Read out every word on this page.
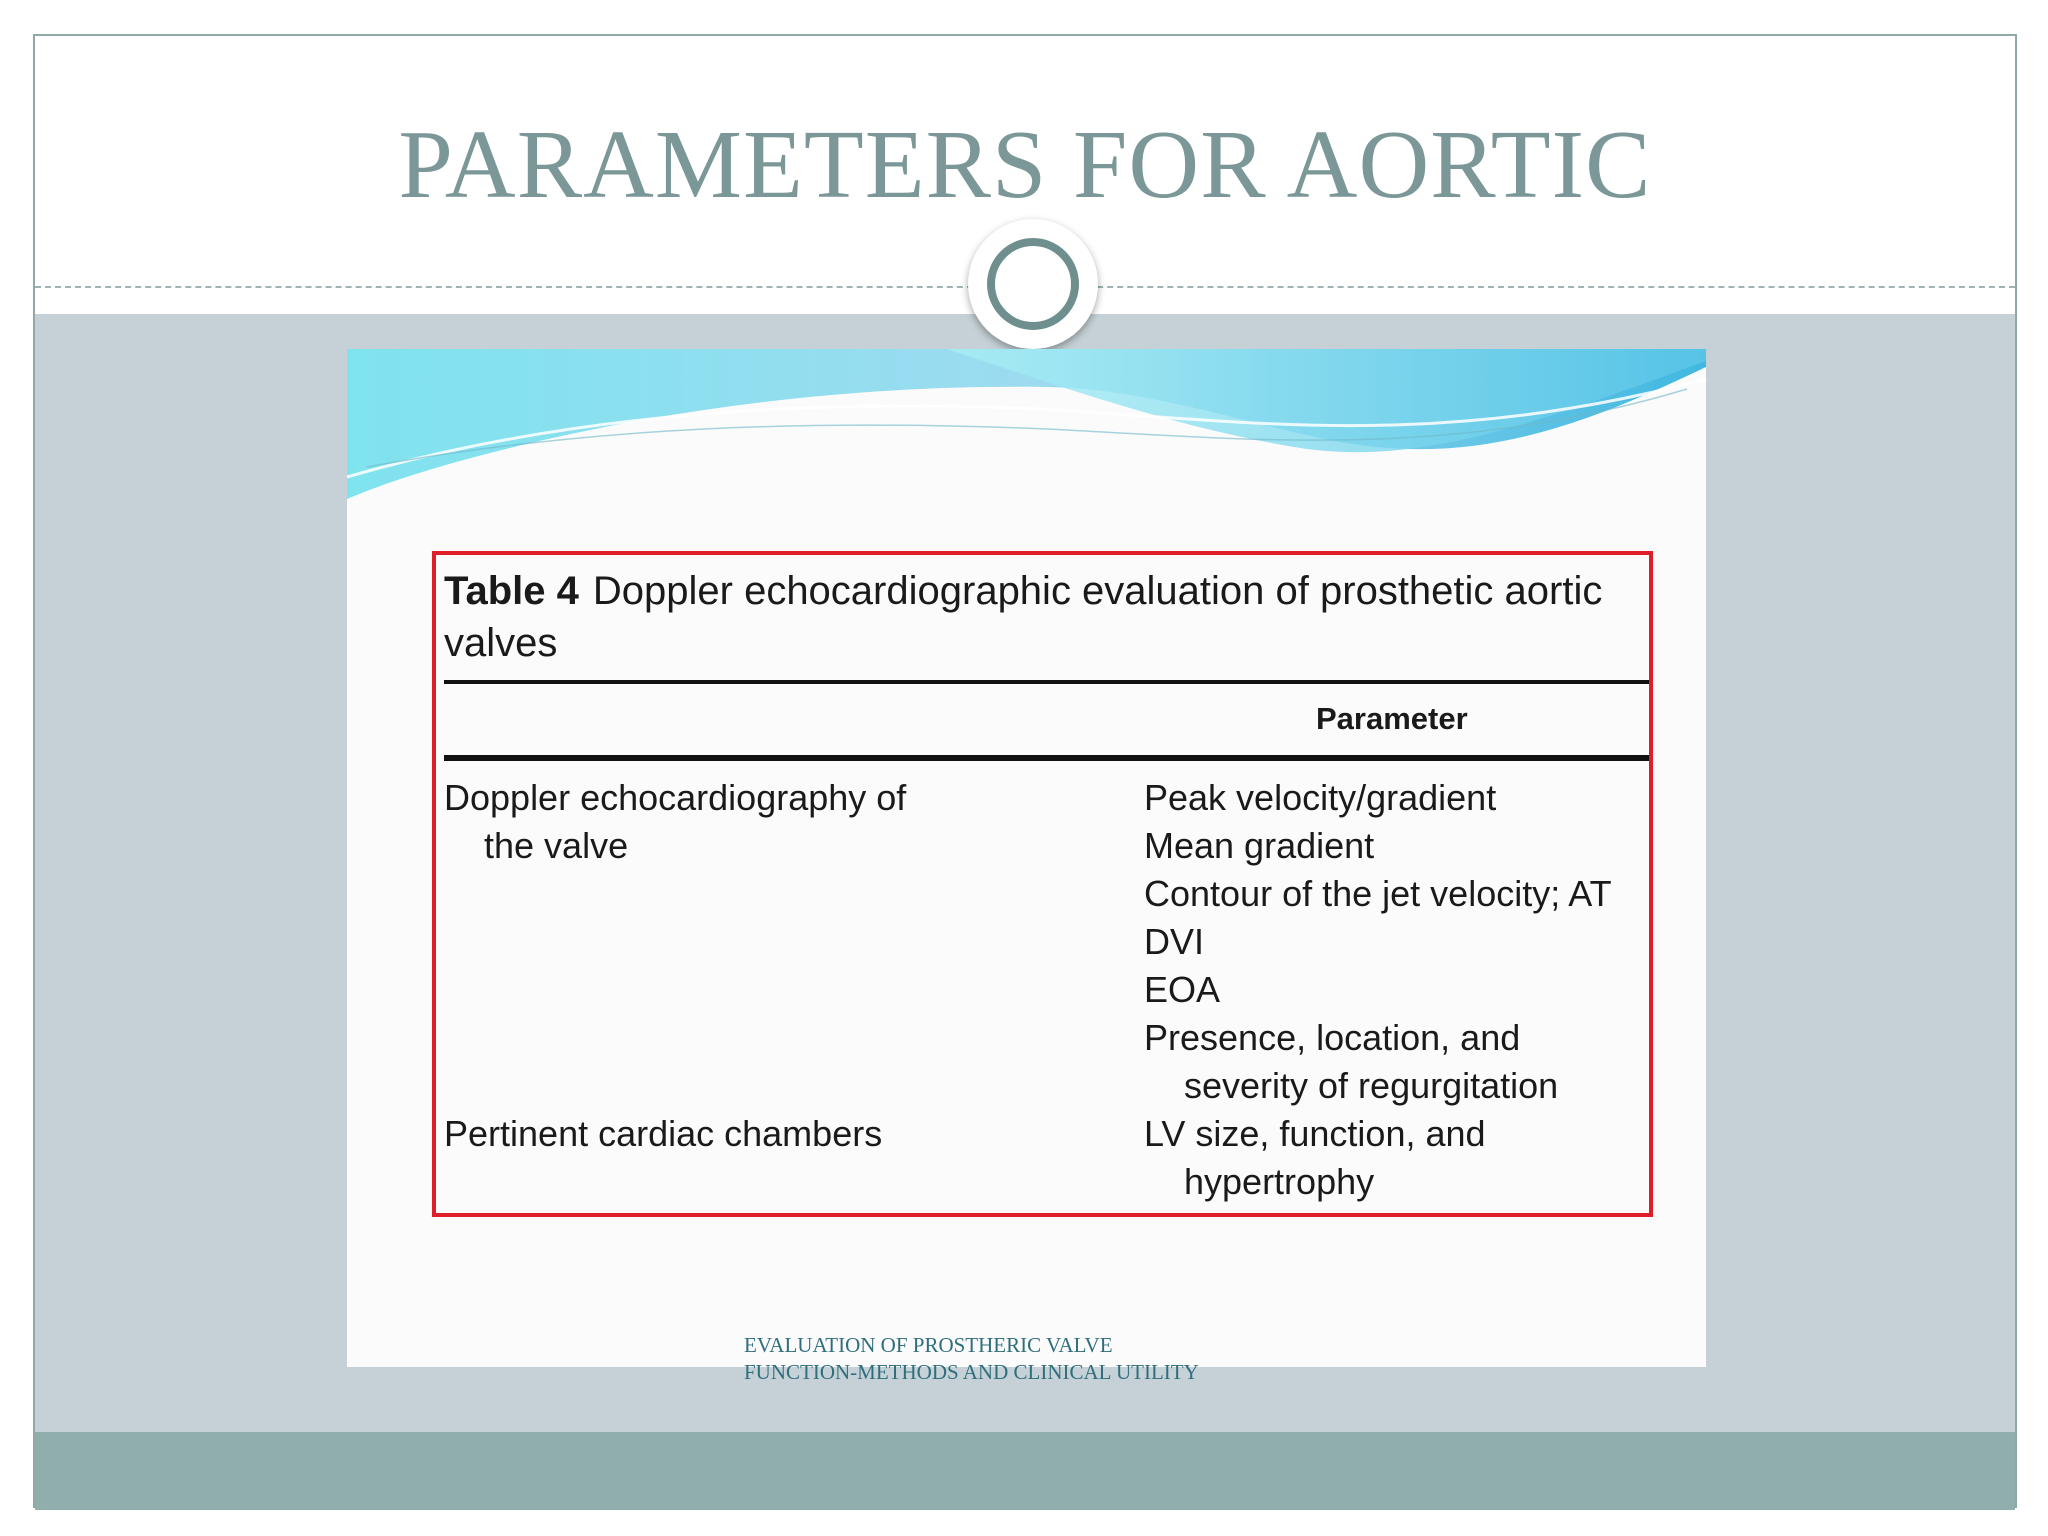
PARAMETERS FOR AORTIC
Table 4 Doppler echocardiographic evaluation of prosthetic aortic valves
Parameter
Doppler echocardiography of
the valve
Peak velocity/gradient
Mean gradient
Contour of the jet velocity; AT
DVI
EOA
Presence, location, and
severity of regurgitation
Pertinent cardiac chambers	LV size, function, and
hypertrophy
EVALUATION OF PROSTHERIC VALVE
FUNCTION-METHODS AND CLINICAL UTILITY
